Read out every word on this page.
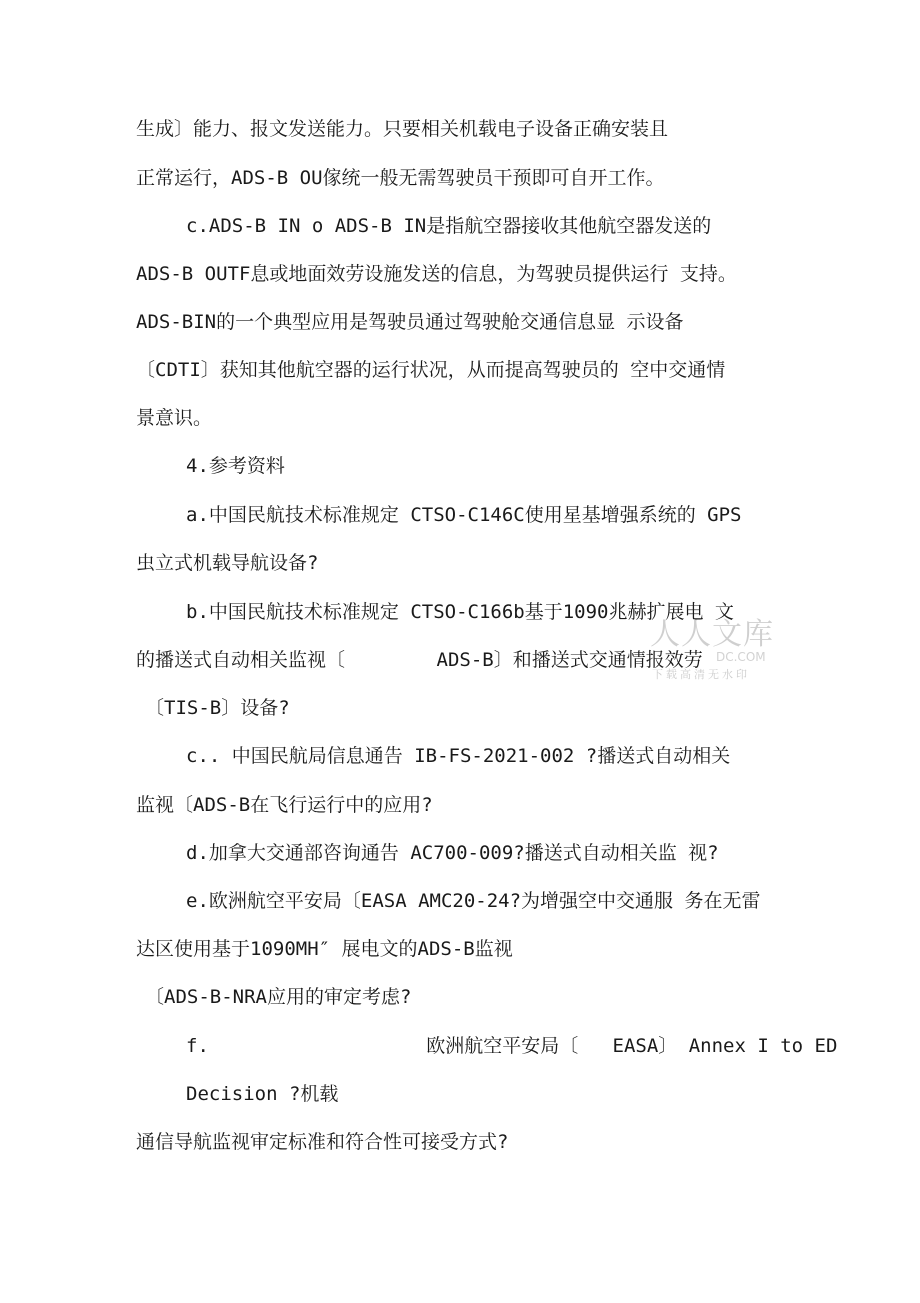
生成〕能力、报文发送能力。只要相关机载电子设备正确安装且
正常运行，ADS-B OU傢统一般无需驾驶员干预即可自开工作。
c.ADS-B IN o ADS-B IN是指航空器接收其他航空器发送的
ADS-B OUTF息或地面效劳设施发送的信息，为驾驶员提供运行 支持。
ADS-BIN的一个典型应用是驾驶员通过驾驶舱交通信息显 示设备
〔CDTI〕获知其他航空器的运行状况，从而提高驾驶员的 空中交通情
景意识。
4.参考资料
a.中国民航技术标准规定 CTSO-C146C使用星基增强系统的 GPS
虫立式机载导航设备?
b.中国民航技术标准规定 CTSO-C166b基于1090兆赫扩展电 文
的播送式自动相关监视〔        ADS-B〕和播送式交通情报效劳
〔TIS-B〕设备?
c.. 中国民航局信息通告 IB-FS-2021-002 ?播送式自动相关
监视〔ADS-B在飞行运行中的应用?
d.加拿大交通部咨询通告 AC700-009?播送式自动相关监 视?
e.欧洲航空平安局〔EASA AMC20-24?为增强空中交通服 务在无雷
达区使用基于1090MH″ 展电文的ADS-B监视
〔ADS-B-NRA应用的审定考虑?
f.                   欧洲航空平安局〔   EASA〕 Annex I to ED
Decision ?机载
通信导航监视审定标准和符合性可接受方式?
人人文库
DC.COM
下载高清无水印
